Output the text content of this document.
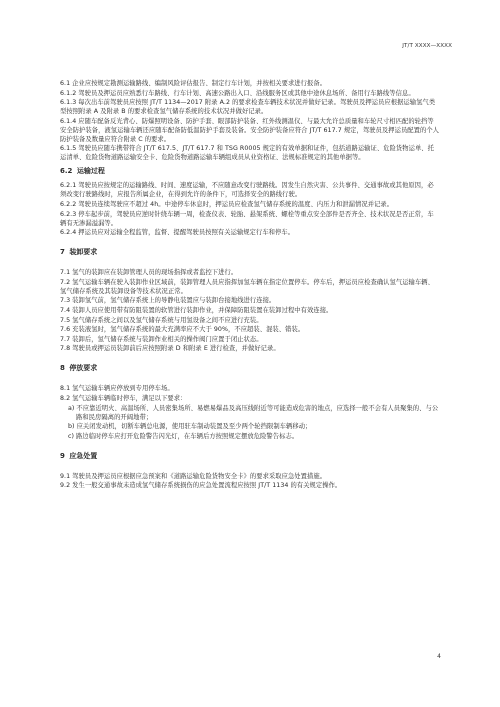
JT/T XXXX—XXXX

6.1 企业应按规定勘测运输路线、编制风险评估报告、制定行车计划，并按相关要求进行报备。

6.1.2 驾驶员及押运员应熟悉行车路线、行车计划、高速公路出入口、沿线服务区或其他中途休息场所、备用行车路线等信息。

6.1.3 每次出车前驾驶员应按照 JT/T 1134—2017 附录 A.2 的要求检查车辆技术状况并做好记录。驾驶员及押运员应根据运输氢气类型按照附录 A 及附录 B 的要求检查氢气储存系统的技术状况并做好记录。

6.1.4 应随车配备反光背心、防爆照明设备、防护手套、眼部防护装备、红外线测温仪、与最大允许总质量和车轮尺寸相匹配的轮挡等安全防护装备，液氢运输车辆还应随车配备防低温防护手套及装备。安全防护装备应符合 JT/T 617.7 规定，驾驶员及押运员配置的个人防护装备及数量应符合附录 C 的要求。

6.1.5 驾驶员应随车携带符合 JT/T 617.5、JT/T 617.7 和 TSG R0005 规定的有效单据和证件，包括道路运输证、危险货物运单、托运清单、危险货物道路运输安全卡、危险货物道路运输车辆组成员从业资格证、法规标准规定的其他单据等。

6.2 运输过程

6.2.1 驾驶员应按规定的运输路线、时间、速度运输，不应随意改变行驶路线。因发生自然灾害、公共事件、交通事故或其他原因，必须改变行驶路线时，应报告所属企业，在得到允许的条件下，可选择安全的路线行驶。

6.2.2 驾驶员连续驾驶应不超过 4h。中途停车休息时，押运员应检查氢气储存系统的温度、内压力和泄漏情况并记录。

6.2.3 停车起步前，驾驶员应逆时针绕车辆一周，检查仪表、轮胎、悬架系统、螺栓等重点安全部件是否齐全、技术状况是否正常，车辆有无渗漏溢漏等。

6.2.4 押运员应对运输全程监管，监督、提醒驾驶员按照有关运输规定行车和停车。

7 装卸要求

7.1 氢气的装卸应在装卸管理人员的现场指挥或者监控下进行。

7.2 氢气运输车辆在驶入装卸作业区域前，装卸管理人员应指挥加氢车辆在指定位置停车。停车后，押运员应检查确认氢气运输车辆、氢气储存系统及其装卸设备等技术状况正常。

7.3 装卸氢气前，氢气储存系统上的导静电装置应与装卸台接地线进行连接。

7.4 装卸人员应使用带有防阻装置的软管进行装卸作业，并保障防阻装置在装卸过程中有效连接。

7.5 氢气储存系统之间以及氢气储存系统与用氢设备之间不应进行充装。

7.6 充装液氢时，氢气储存系统的最大充满率应不大于 90%，不应超装、混装、错装。

7.7 装卸后，氢气储存系统与装卸作业相关的操作阀门应置于闭止状态。

7.8 驾驶员或押运员装卸前后应按照附录 D 和附录 E 进行检查，并做好记录。

8 停放要求

8.1 氢气运输车辆应停放到专用停车场。

8.2 氢气运输车辆临时停车，满足以下要求：

a) 不应靠近明火、高温场所、人员密集场所、易燃易爆品及高压线附近等可能造成危害的地点，应选择一般不会有人员聚集的、与公路和民房隔离的开阔地带；

b) 应关闭发动机，切断车辆总电源，使用驻车制动装置及至少两个轮挡限制车辆移动；

c) 路边临时停车应打开危险警告闪光灯，在车辆后方按照规定摆放危险警告标志。

9 应急处置

9.1 驾驶员及押运员应根据应急预案和《道路运输危险货物安全卡》的要求采取应急处置措施。

9.2 发生一般交通事故未造成氢气储存系统损伤的应急处置流程应按照 JT/T 1134 的有关规定操作。

4
